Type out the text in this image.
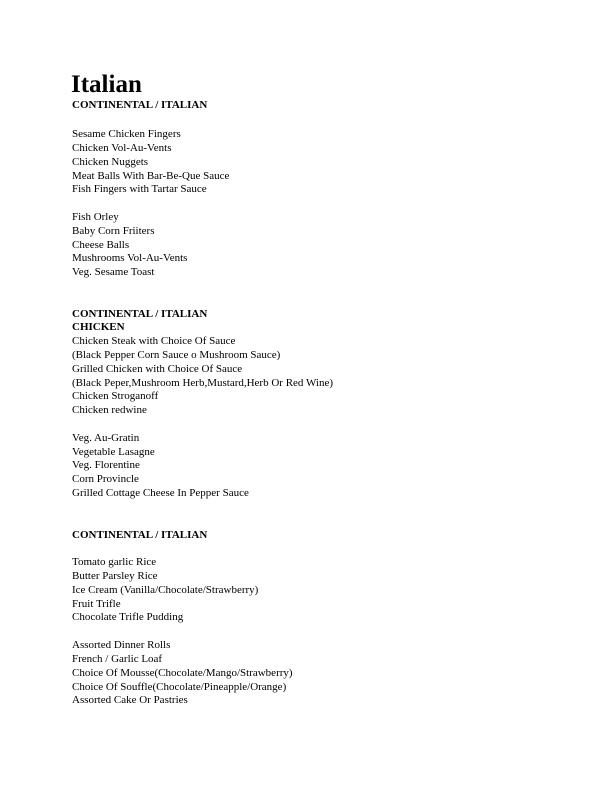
Italian
CONTINENTAL / ITALIAN
Sesame Chicken Fingers
Chicken Vol-Au-Vents
Chicken Nuggets
Meat Balls With Bar-Be-Que Sauce
Fish Fingers with Tartar Sauce
Fish Orley
Baby Corn Friiters
Cheese Balls
Mushrooms Vol-Au-Vents
Veg. Sesame Toast
CONTINENTAL / ITALIAN
CHICKEN
Chicken Steak with Choice Of Sauce
(Black Pepper Corn Sauce o Mushroom Sauce)
Grilled Chicken with Choice Of Sauce
(Black Peper,Mushroom Herb,Mustard,Herb Or Red Wine)
Chicken Stroganoff
Chicken redwine
Veg. Au-Gratin
Vegetable Lasagne
Veg. Florentine
Corn Provincle
Grilled Cottage Cheese In Pepper Sauce
CONTINENTAL / ITALIAN
Tomato garlic Rice
Butter Parsley Rice
Ice Cream (Vanilla/Chocolate/Strawberry)
Fruit Trifle
Chocolate Trifle Pudding
Assorted Dinner Rolls
French / Garlic Loaf
Choice Of Mousse(Chocolate/Mango/Strawberry)
Choice Of Souffle(Chocolate/Pineapple/Orange)
Assorted Cake Or Pastries
